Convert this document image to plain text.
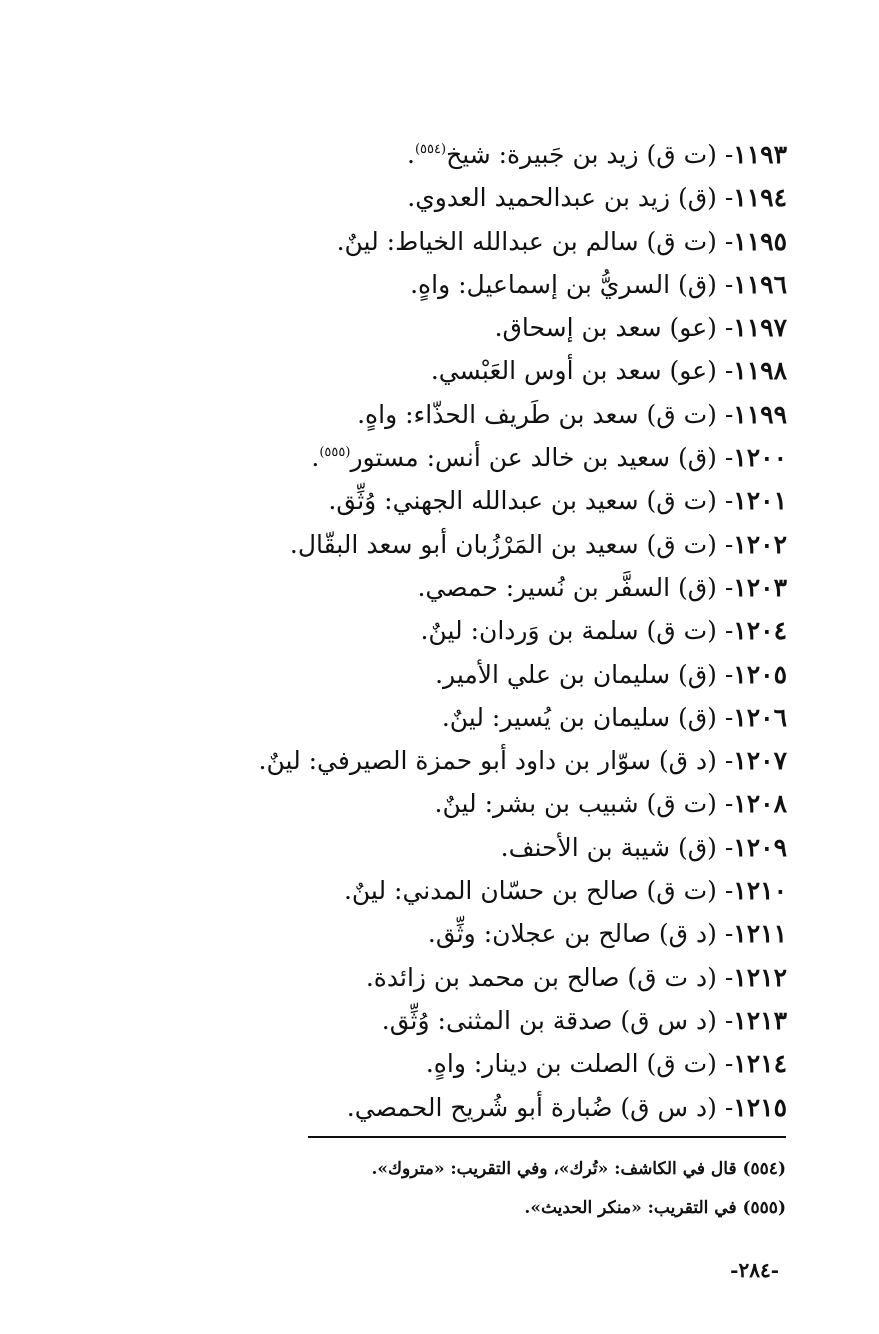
١١٩٣- (ت ق) زيد بن جَبيرة: شيخ$^{(٥٥٤)}$.
١١٩٤- (ق) زيد بن عبدالحميد العدوي.
١١٩٥- (ت ق) سالم بن عبدالله الخياط: لينٌ.
١١٩٦- (ق) السريُّ بن إسماعيل: واهٍ.
١١٩٧- (عو) سعد بن إسحاق.
١١٩٨- (عو) سعد بن أوس العَبْسي.
١١٩٩- (ت ق) سعد بن طَريف الحذّاء: واهٍ.
١٢٠٠- (ق) سعيد بن خالد عن أنس: مستور$^{(٥٥٥)}$.
١٢٠١- (ت ق) سعيد بن عبدالله الجهني: وُثِّق.
١٢٠٢- (ت ق) سعيد بن المَرْزُبان أبو سعد البقّال.
١٢٠٣- (ق) السفَّر بن نُسير: حمصي.
١٢٠٤- (ت ق) سلمة بن وَردان: لينٌ.
١٢٠٥- (ق) سليمان بن علي الأمير.
١٢٠٦- (ق) سليمان بن يُسير: لينٌ.
١٢٠٧- (د ق) سوّار بن داود أبو حمزة الصيرفي: لينٌ.
١٢٠٨- (ت ق) شبيب بن بشر: لينٌ.
١٢٠٩- (ق) شيبة بن الأحنف.
١٢١٠- (ت ق) صالح بن حسّان المدني: لينٌ.
١٢١١- (د ق) صالح بن عجلان: وثِّق.
١٢١٢- (د ت ق) صالح بن محمد بن زائدة.
١٢١٣- (د س ق) صدقة بن المثنى: وُثِّق.
١٢١٤- (ت ق) الصلت بن دينار: واهٍ.
١٢١٥- (د س ق) ضُبارة أبو شُريح الحمصي.
(٥٥٤) قال في الكاشف: «تُرك»، وفي التقريب: «متروك».
(٥٥٥) في التقريب: «منكر الحديث».
-٢٨٤-
